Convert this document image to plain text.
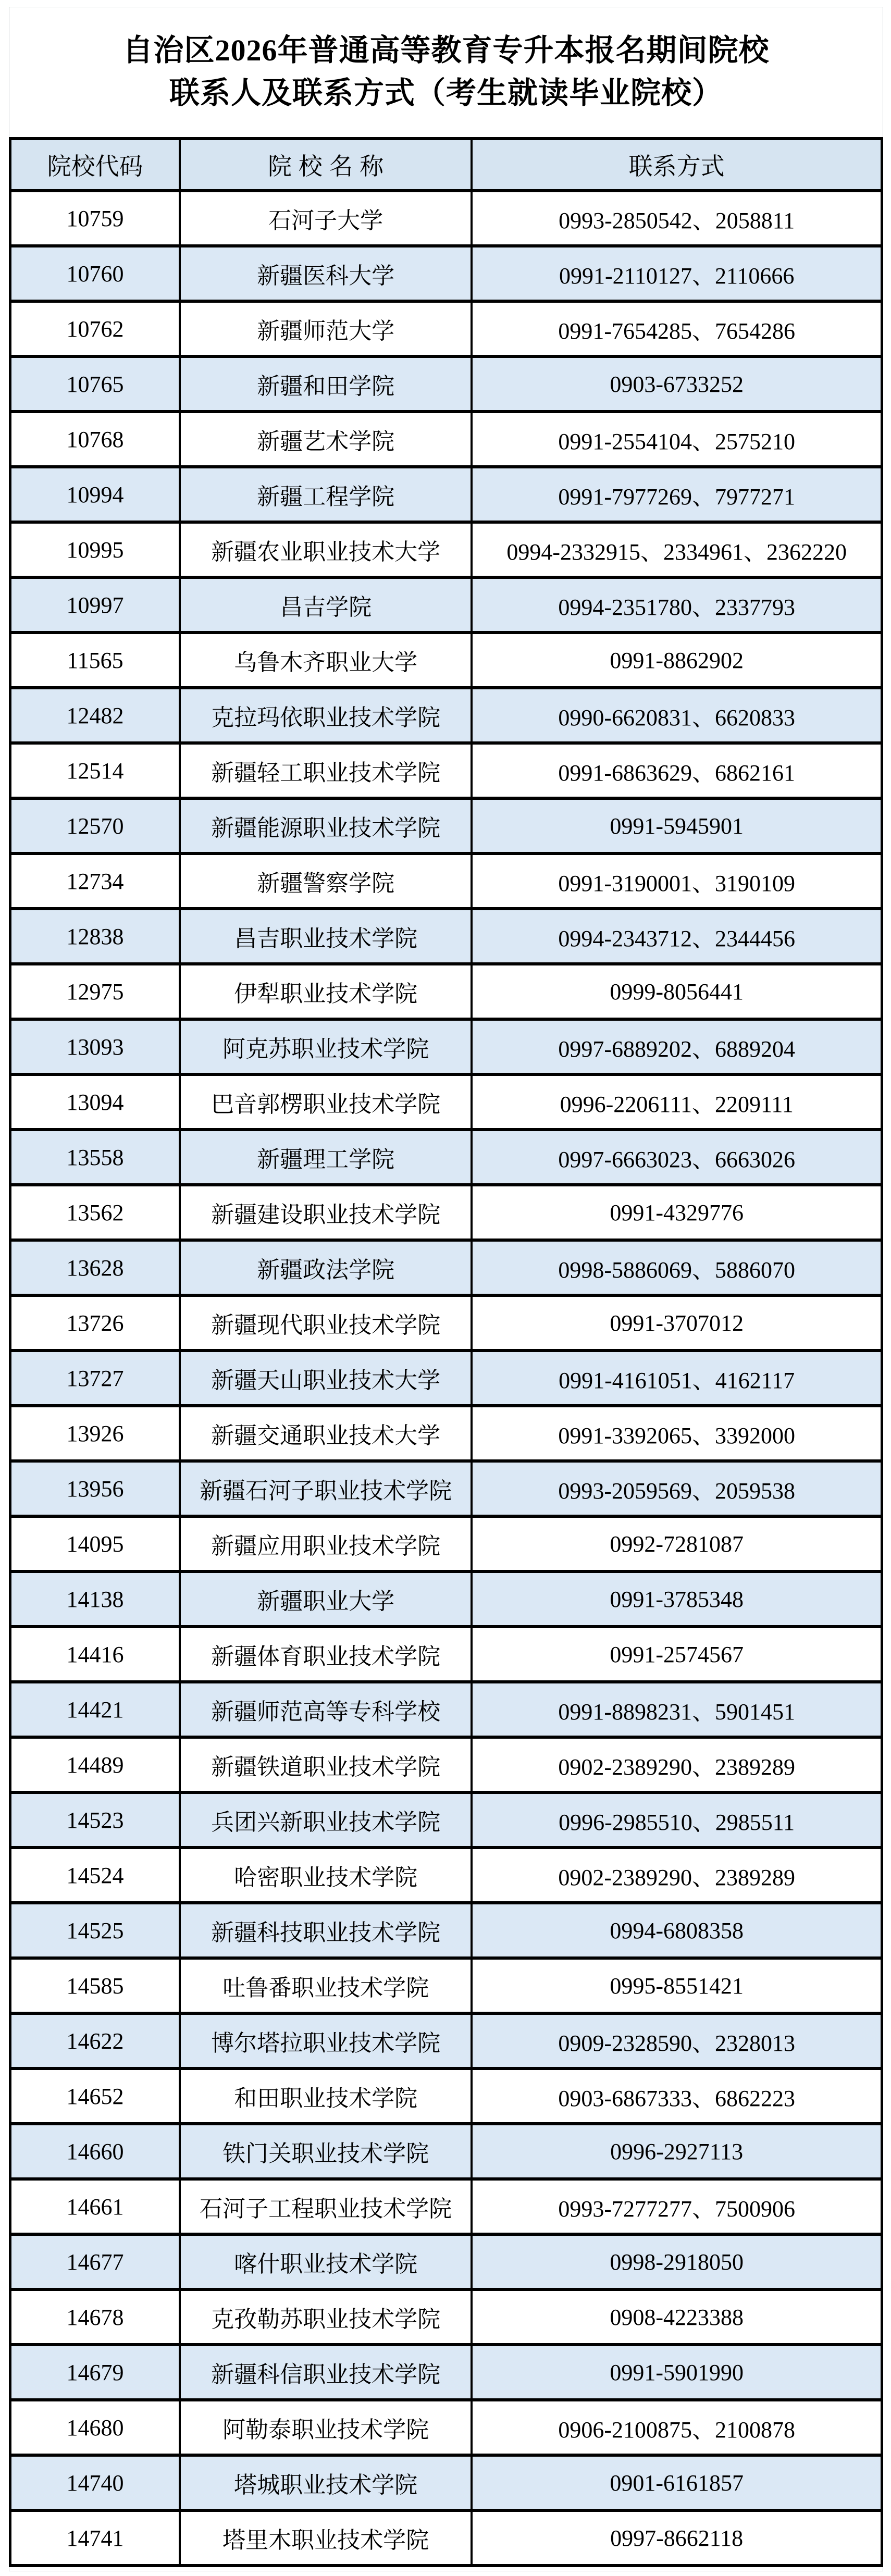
自治区2026年普通高等教育专升本报名期间院校
联系人及联系方式（考生就读毕业院校）
院校代码	院 校 名 称	联系方式
10759	石河子大学	0993-2850542、2058811
10760	新疆医科大学	0991-2110127、2110666
10762	新疆师范大学	0991-7654285、7654286
10765	新疆和田学院	0903-6733252
10768	新疆艺术学院	0991-2554104、2575210
10994	新疆工程学院	0991-7977269、7977271
10995	新疆农业职业技术大学	0994-2332915、2334961、2362220
10997	昌吉学院	0994-2351780、2337793
11565	乌鲁木齐职业大学	0991-8862902
12482	克拉玛依职业技术学院	0990-6620831、6620833
12514	新疆轻工职业技术学院	0991-6863629、6862161
12570	新疆能源职业技术学院	0991-5945901
12734	新疆警察学院	0991-3190001、3190109
12838	昌吉职业技术学院	0994-2343712、2344456
12975	伊犁职业技术学院	0999-8056441
13093	阿克苏职业技术学院	0997-6889202、6889204
13094	巴音郭楞职业技术学院	0996-2206111、2209111
13558	新疆理工学院	0997-6663023、6663026
13562	新疆建设职业技术学院	0991-4329776
13628	新疆政法学院	0998-5886069、5886070
13726	新疆现代职业技术学院	0991-3707012
13727	新疆天山职业技术大学	0991-4161051、4162117
13926	新疆交通职业技术大学	0991-3392065、3392000
13956	新疆石河子职业技术学院	0993-2059569、2059538
14095	新疆应用职业技术学院	0992-7281087
14138	新疆职业大学	0991-3785348
14416	新疆体育职业技术学院	0991-2574567
14421	新疆师范高等专科学校	0991-8898231、5901451
14489	新疆铁道职业技术学院	0902-2389290、2389289
14523	兵团兴新职业技术学院	0996-2985510、2985511
14524	哈密职业技术学院	0902-2389290、2389289
14525	新疆科技职业技术学院	0994-6808358
14585	吐鲁番职业技术学院	0995-8551421
14622	博尔塔拉职业技术学院	0909-2328590、2328013
14652	和田职业技术学院	0903-6867333、6862223
14660	铁门关职业技术学院	0996-2927113
14661	石河子工程职业技术学院	0993-7277277、7500906
14677	喀什职业技术学院	0998-2918050
14678	克孜勒苏职业技术学院	0908-4223388
14679	新疆科信职业技术学院	0991-5901990
14680	阿勒泰职业技术学院	0906-2100875、2100878
14740	塔城职业技术学院	0901-6161857
14741	塔里木职业技术学院	0997-8662118
